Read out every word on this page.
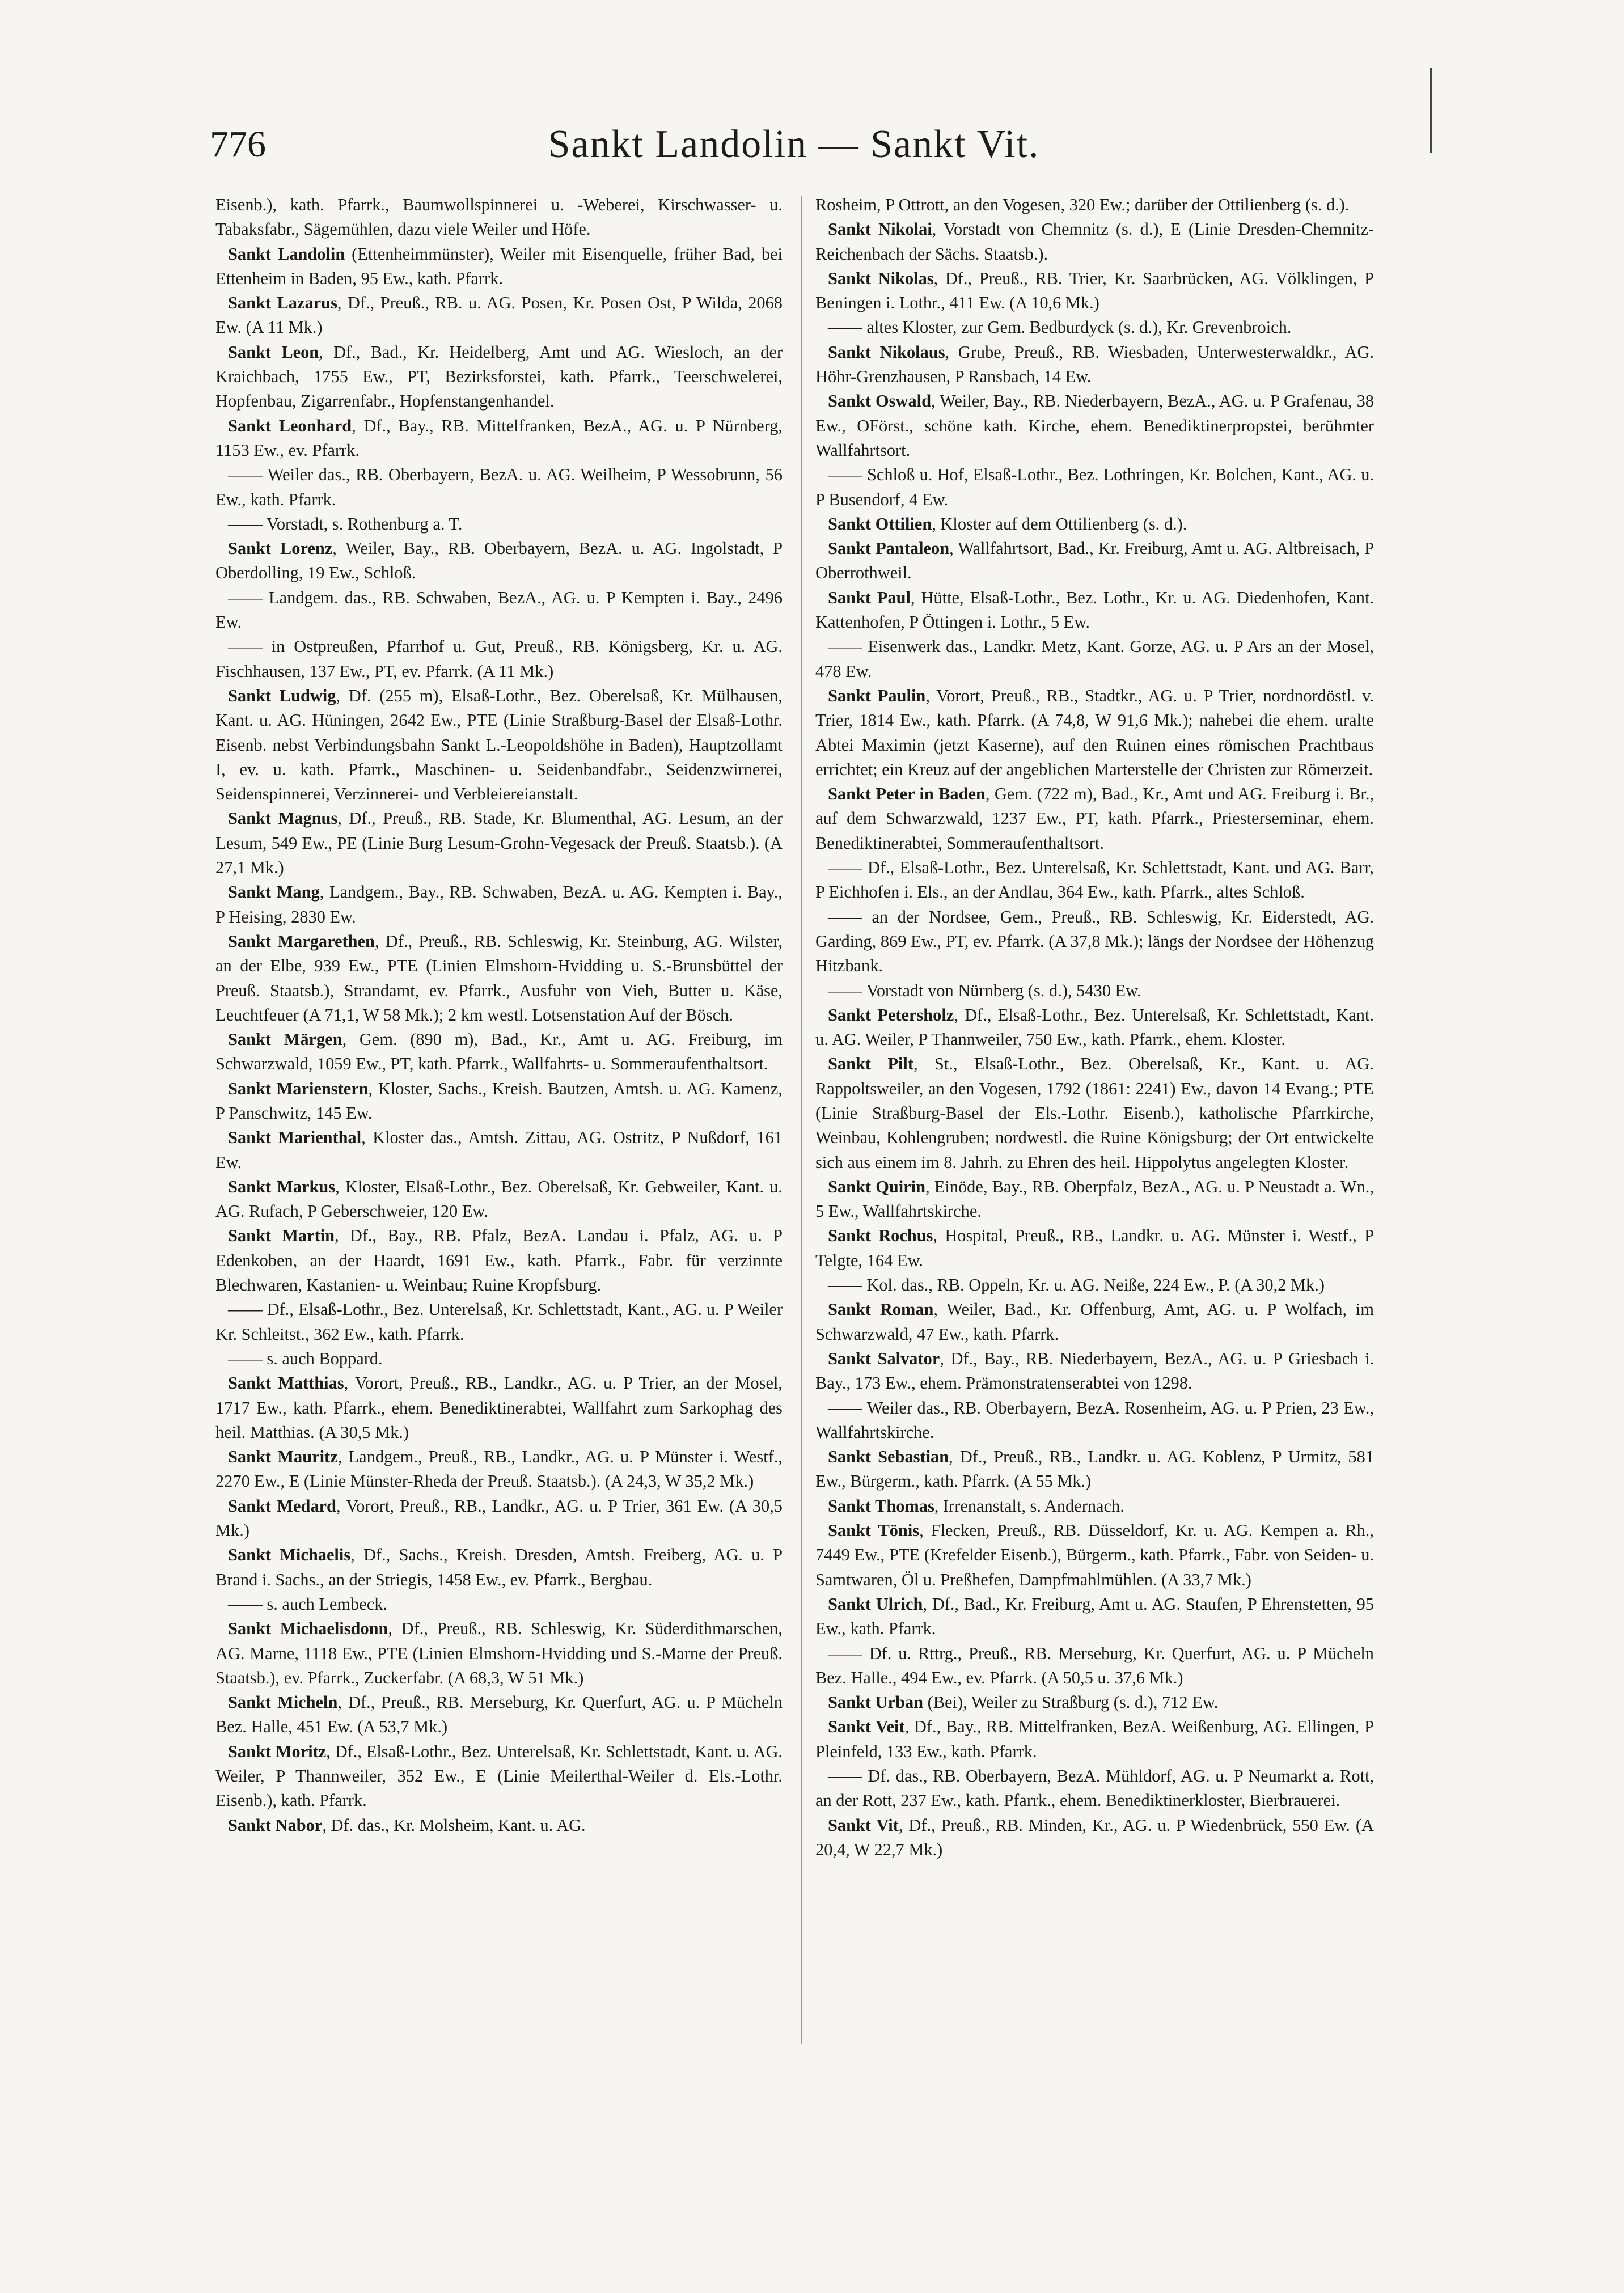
776	Sankt Landolin — Sankt Vit.

Eisenb.), kath. Pfarrk., Baumwollspinnerei u. -Weberei, Kirschwasser- u. Tabaksfabr., Sägemühlen, dazu viele Weiler und Höfe.

Sankt Landolin (Ettenheimmünster), Weiler mit Eisenquelle, früher Bad, bei Ettenheim in Baden, 95 Ew., kath. Pfarrk.

Sankt Lazarus, Df., Preuß., RB. u. AG. Posen, Kr. Posen Ost, P Wilda, 2068 Ew. (A 11 Mk.)

Sankt Leon, Df., Bad., Kr. Heidelberg, Amt und AG. Wiesloch, an der Kraichbach, 1755 Ew., PT, Bezirksforstei, kath. Pfarrk., Teerschwelerei, Hopfenbau, Zigarrenfabr., Hopfenstangenhandel.

Sankt Leonhard, Df., Bay., RB. Mittelfranken, BezA., AG. u. P Nürnberg, 1153 Ew., ev. Pfarrk.

—— Weiler das., RB. Oberbayern, BezA. u. AG. Weilheim, P Wessobrunn, 56 Ew., kath. Pfarrk.

—— Vorstadt, s. Rothenburg a. T.

Sankt Lorenz, Weiler, Bay., RB. Oberbayern, BezA. u. AG. Ingolstadt, P Oberdolling, 19 Ew., Schloß.

—— Landgem. das., RB. Schwaben, BezA., AG. u. P Kempten i. Bay., 2496 Ew.

—— in Ostpreußen, Pfarrhof u. Gut, Preuß., RB. Königsberg, Kr. u. AG. Fischhausen, 137 Ew., PT, ev. Pfarrk. (A 11 Mk.)

Sankt Ludwig, Df. (255 m), Elsaß-Lothr., Bez. Oberelsaß, Kr. Mülhausen, Kant. u. AG. Hüningen, 2642 Ew., PTE (Linie Straßburg-Basel der Elsaß-Lothr. Eisenb. nebst Verbindungsbahn Sankt L.-Leopoldshöhe in Baden), Hauptzollamt I, ev. u. kath. Pfarrk., Maschinen- u. Seidenbandfabr., Seidenzwirnerei, Seidenspinnerei, Verzinnerei- und Verbleiereianstalt.

Sankt Magnus, Df., Preuß., RB. Stade, Kr. Blumenthal, AG. Lesum, an der Lesum, 549 Ew., PE (Linie Burg Lesum-Grohn-Vegesack der Preuß. Staatsb.). (A 27,1 Mk.)

Sankt Mang, Landgem., Bay., RB. Schwaben, BezA. u. AG. Kempten i. Bay., P Heising, 2830 Ew.

Sankt Margarethen, Df., Preuß., RB. Schleswig, Kr. Steinburg, AG. Wilster, an der Elbe, 939 Ew., PTE (Linien Elmshorn-Hvidding u. S.-Brunsbüttel der Preuß. Staatsb.), Strandamt, ev. Pfarrk., Ausfuhr von Vieh, Butter u. Käse, Leuchtfeuer (A 71,1, W 58 Mk.); 2 km westl. Lotsenstation Auf der Bösch.

Sankt Märgen, Gem. (890 m), Bad., Kr., Amt u. AG. Freiburg, im Schwarzwald, 1059 Ew., PT, kath. Pfarrk., Wallfahrts- u. Sommeraufenthaltsort.

Sankt Marienstern, Kloster, Sachs., Kreish. Bautzen, Amtsh. u. AG. Kamenz, P Panschwitz, 145 Ew.

Sankt Marienthal, Kloster das., Amtsh. Zittau, AG. Ostritz, P Nußdorf, 161 Ew.

Sankt Markus, Kloster, Elsaß-Lothr., Bez. Oberelsaß, Kr. Gebweiler, Kant. u. AG. Rufach, P Geberschweier, 120 Ew.

Sankt Martin, Df., Bay., RB. Pfalz, BezA. Landau i. Pfalz, AG. u. P Edenkoben, an der Haardt, 1691 Ew., kath. Pfarrk., Fabr. für verzinnte Blechwaren, Kastanien- u. Weinbau; Ruine Kropfsburg.

—— Df., Elsaß-Lothr., Bez. Unterelsaß, Kr. Schlettstadt, Kant., AG. u. P Weiler Kr. Schleitst., 362 Ew., kath. Pfarrk.

—— s. auch Boppard.

Sankt Matthias, Vorort, Preuß., RB., Landkr., AG. u. P Trier, an der Mosel, 1717 Ew., kath. Pfarrk., ehem. Benediktinerabtei, Wallfahrt zum Sarkophag des heil. Matthias. (A 30,5 Mk.)

Sankt Mauritz, Landgem., Preuß., RB., Landkr., AG. u. P Münster i. Westf., 2270 Ew., E (Linie Münster-Rheda der Preuß. Staatsb.). (A 24,3, W 35,2 Mk.)

Sankt Medard, Vorort, Preuß., RB., Landkr., AG. u. P Trier, 361 Ew. (A 30,5 Mk.)

Sankt Michaelis, Df., Sachs., Kreish. Dresden, Amtsh. Freiberg, AG. u. P Brand i. Sachs., an der Striegis, 1458 Ew., ev. Pfarrk., Bergbau.

—— s. auch Lembeck.

Sankt Michaelisdonn, Df., Preuß., RB. Schleswig, Kr. Süderdithmarschen, AG. Marne, 1118 Ew., PTE (Linien Elmshorn-Hvidding und S.-Marne der Preuß. Staatsb.), ev. Pfarrk., Zuckerfabr. (A 68,3, W 51 Mk.)

Sankt Micheln, Df., Preuß., RB. Merseburg, Kr. Querfurt, AG. u. P Mücheln Bez. Halle, 451 Ew. (A 53,7 Mk.)

Sankt Moritz, Df., Elsaß-Lothr., Bez. Unterelsaß, Kr. Schlettstadt, Kant. u. AG. Weiler, P Thannweiler, 352 Ew., E (Linie Meilerthal-Weiler d. Els.-Lothr. Eisenb.), kath. Pfarrk.

Sankt Nabor, Df. das., Kr. Molsheim, Kant. u. AG.

Rosheim, P Ottrott, an den Vogesen, 320 Ew.; darüber der Ottilienberg (s. d.).

Sankt Nikolai, Vorstadt von Chemnitz (s. d.), E (Linie Dresden-Chemnitz-Reichenbach der Sächs. Staatsb.).

Sankt Nikolas, Df., Preuß., RB. Trier, Kr. Saarbrücken, AG. Völklingen, P Beningen i. Lothr., 411 Ew. (A 10,6 Mk.)

—— altes Kloster, zur Gem. Bedburdyck (s. d.), Kr. Grevenbroich.

Sankt Nikolaus, Grube, Preuß., RB. Wiesbaden, Unterwesterwaldkr., AG. Höhr-Grenzhausen, P Ransbach, 14 Ew.

Sankt Oswald, Weiler, Bay., RB. Niederbayern, BezA., AG. u. P Grafenau, 38 Ew., OFörst., schöne kath. Kirche, ehem. Benediktinerpropstei, berühmter Wallfahrtsort.

—— Schloß u. Hof, Elsaß-Lothr., Bez. Lothringen, Kr. Bolchen, Kant., AG. u. P Busendorf, 4 Ew.

Sankt Ottilien, Kloster auf dem Ottilienberg (s. d.).

Sankt Pantaleon, Wallfahrtsort, Bad., Kr. Freiburg, Amt u. AG. Altbreisach, P Oberrothweil.

Sankt Paul, Hütte, Elsaß-Lothr., Bez. Lothr., Kr. u. AG. Diedenhofen, Kant. Kattenhofen, P Öttingen i. Lothr., 5 Ew.

—— Eisenwerk das., Landkr. Metz, Kant. Gorze, AG. u. P Ars an der Mosel, 478 Ew.

Sankt Paulin, Vorort, Preuß., RB., Stadtkr., AG. u. P Trier, nordnordöstl. v. Trier, 1814 Ew., kath. Pfarrk. (A 74,8, W 91,6 Mk.); nahebei die ehem. uralte Abtei Maximin (jetzt Kaserne), auf den Ruinen eines römischen Prachtbaus errichtet; ein Kreuz auf der angeblichen Marterstelle der Christen zur Römerzeit.

Sankt Peter in Baden, Gem. (722 m), Bad., Kr., Amt und AG. Freiburg i. Br., auf dem Schwarzwald, 1237 Ew., PT, kath. Pfarrk., Priesterseminar, ehem. Benediktinerabtei, Sommeraufenthaltsort.

—— Df., Elsaß-Lothr., Bez. Unterelsaß, Kr. Schlettstadt, Kant. und AG. Barr, P Eichhofen i. Els., an der Andlau, 364 Ew., kath. Pfarrk., altes Schloß.

—— an der Nordsee, Gem., Preuß., RB. Schleswig, Kr. Eiderstedt, AG. Garding, 869 Ew., PT, ev. Pfarrk. (A 37,8 Mk.); längs der Nordsee der Höhenzug Hitzbank.

—— Vorstadt von Nürnberg (s. d.), 5430 Ew.

Sankt Petersholz, Df., Elsaß-Lothr., Bez. Unterelsaß, Kr. Schlettstadt, Kant. u. AG. Weiler, P Thannweiler, 750 Ew., kath. Pfarrk., ehem. Kloster.

Sankt Pilt, St., Elsaß-Lothr., Bez. Oberelsaß, Kr., Kant. u. AG. Rappoltsweiler, an den Vogesen, 1792 (1861: 2241) Ew., davon 14 Evang.; PTE (Linie Straßburg-Basel der Els.-Lothr. Eisenb.), katholische Pfarrkirche, Weinbau, Kohlengruben; nordwestl. die Ruine Königsburg; der Ort entwickelte sich aus einem im 8. Jahrh. zu Ehren des heil. Hippolytus angelegten Kloster.

Sankt Quirin, Einöde, Bay., RB. Oberpfalz, BezA., AG. u. P Neustadt a. Wn., 5 Ew., Wallfahrtskirche.

Sankt Rochus, Hospital, Preuß., RB., Landkr. u. AG. Münster i. Westf., P Telgte, 164 Ew.

—— Kol. das., RB. Oppeln, Kr. u. AG. Neiße, 224 Ew., P. (A 30,2 Mk.)

Sankt Roman, Weiler, Bad., Kr. Offenburg, Amt, AG. u. P Wolfach, im Schwarzwald, 47 Ew., kath. Pfarrk.

Sankt Salvator, Df., Bay., RB. Niederbayern, BezA., AG. u. P Griesbach i. Bay., 173 Ew., ehem. Prämonstratenserabtei von 1298.

—— Weiler das., RB. Oberbayern, BezA. Rosenheim, AG. u. P Prien, 23 Ew., Wallfahrtskirche.

Sankt Sebastian, Df., Preuß., RB., Landkr. u. AG. Koblenz, P Urmitz, 581 Ew., Bürgerm., kath. Pfarrk. (A 55 Mk.)

Sankt Thomas, Irrenanstalt, s. Andernach.

Sankt Tönis, Flecken, Preuß., RB. Düsseldorf, Kr. u. AG. Kempen a. Rh., 7449 Ew., PTE (Krefelder Eisenb.), Bürgerm., kath. Pfarrk., Fabr. von Seiden- u. Samtwaren, Öl u. Preßhefen, Dampfmahlmühlen. (A 33,7 Mk.)

Sankt Ulrich, Df., Bad., Kr. Freiburg, Amt u. AG. Staufen, P Ehrenstetten, 95 Ew., kath. Pfarrk.

—— Df. u. Rttrg., Preuß., RB. Merseburg, Kr. Querfurt, AG. u. P Mücheln Bez. Halle., 494 Ew., ev. Pfarrk. (A 50,5 u. 37,6 Mk.)

Sankt Urban (Bei), Weiler zu Straßburg (s. d.), 712 Ew.

Sankt Veit, Df., Bay., RB. Mittelfranken, BezA. Weißenburg, AG. Ellingen, P Pleinfeld, 133 Ew., kath. Pfarrk.

—— Df. das., RB. Oberbayern, BezA. Mühldorf, AG. u. P Neumarkt a. Rott, an der Rott, 237 Ew., kath. Pfarrk., ehem. Benediktinerkloster, Bierbrauerei.

Sankt Vit, Df., Preuß., RB. Minden, Kr., AG. u. P Wiedenbrück, 550 Ew. (A 20,4, W 22,7 Mk.)
